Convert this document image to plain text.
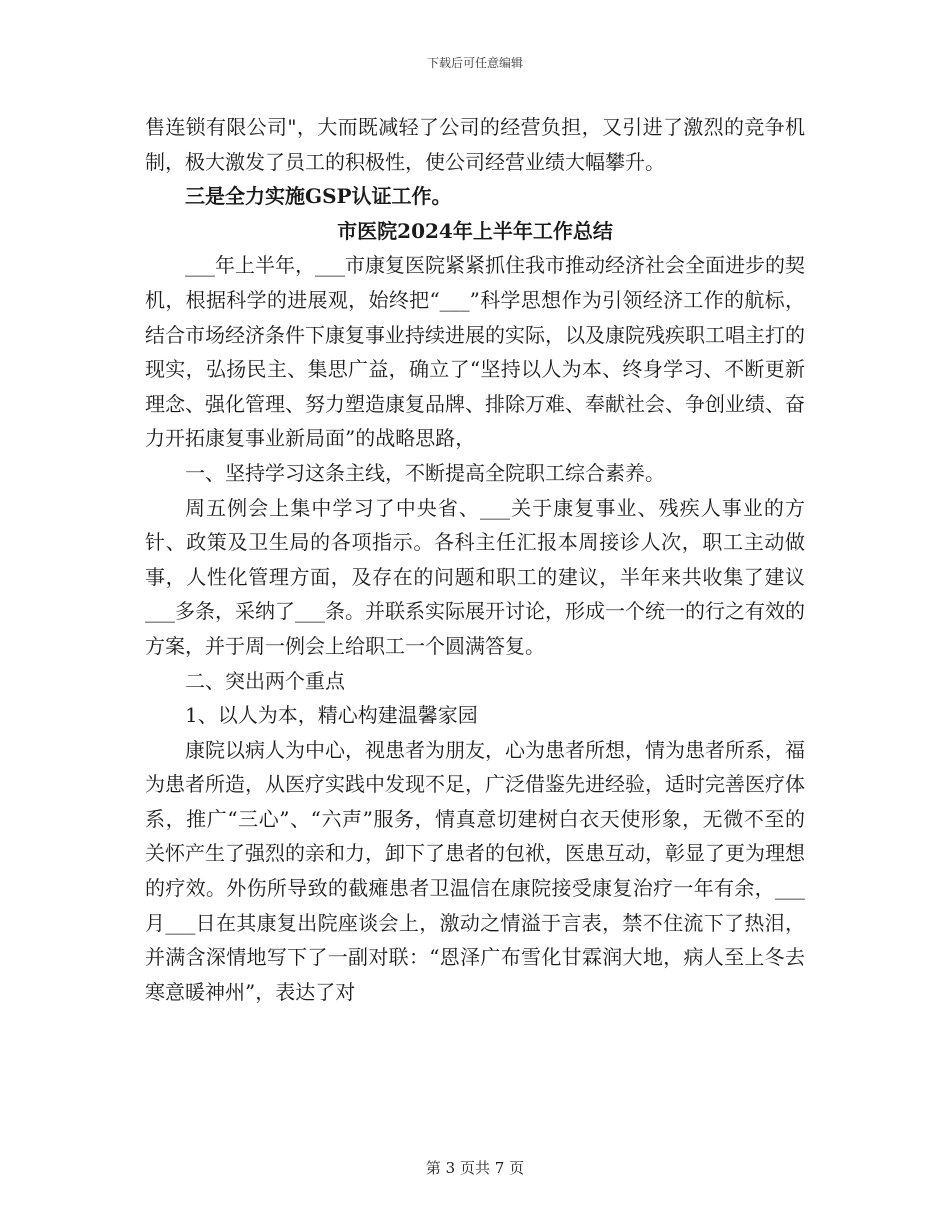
下载后可任意编辑

售连锁有限公司"，大而既减轻了公司的经营负担，又引进了激烈的竞争机制，极大激发了员工的积极性，使公司经营业绩大幅攀升。

三是全力实施GSP认证工作。

市医院2024年上半年工作总结

___年上半年，___市康复医院紧紧抓住我市推动经济社会全面进步的契机，根据科学的进展观，始终把“___”科学思想作为引领经济工作的航标，结合市场经济条件下康复事业持续进展的实际，以及康院残疾职工唱主打的现实，弘扬民主、集思广益，确立了“坚持以人为本、终身学习、不断更新理念、强化管理、努力塑造康复品牌、排除万难、奉献社会、争创业绩、奋力开拓康复事业新局面”的战略思路，

一、坚持学习这条主线，不断提高全院职工综合素养。

周五例会上集中学习了中央省、___关于康复事业、残疾人事业的方针、政策及卫生局的各项指示。各科主任汇报本周接诊人次，职工主动做事，人性化管理方面，及存在的问题和职工的建议，半年来共收集了建议___多条，采纳了___条。并联系实际展开讨论，形成一个统一的行之有效的方案，并于周一例会上给职工一个圆满答复。

二、突出两个重点

1、以人为本，精心构建温馨家园

康院以病人为中心，视患者为朋友，心为患者所想，情为患者所系，福为患者所造，从医疗实践中发现不足，广泛借鉴先进经验，适时完善医疗体系，推广“三心”、“六声”服务，情真意切建树白衣天使形象，无微不至的关怀产生了强烈的亲和力，卸下了患者的包袱，医患互动，彰显了更为理想的疗效。外伤所导致的截瘫患者卫温信在康院接受康复治疗一年有余，___月___日在其康复出院座谈会上，激动之情溢于言表，禁不住流下了热泪，并满含深情地写下了一副对联：“恩泽广布雪化甘霖润大地，病人至上冬去寒意暖神州”，表达了对

第 3 页共 7 页
